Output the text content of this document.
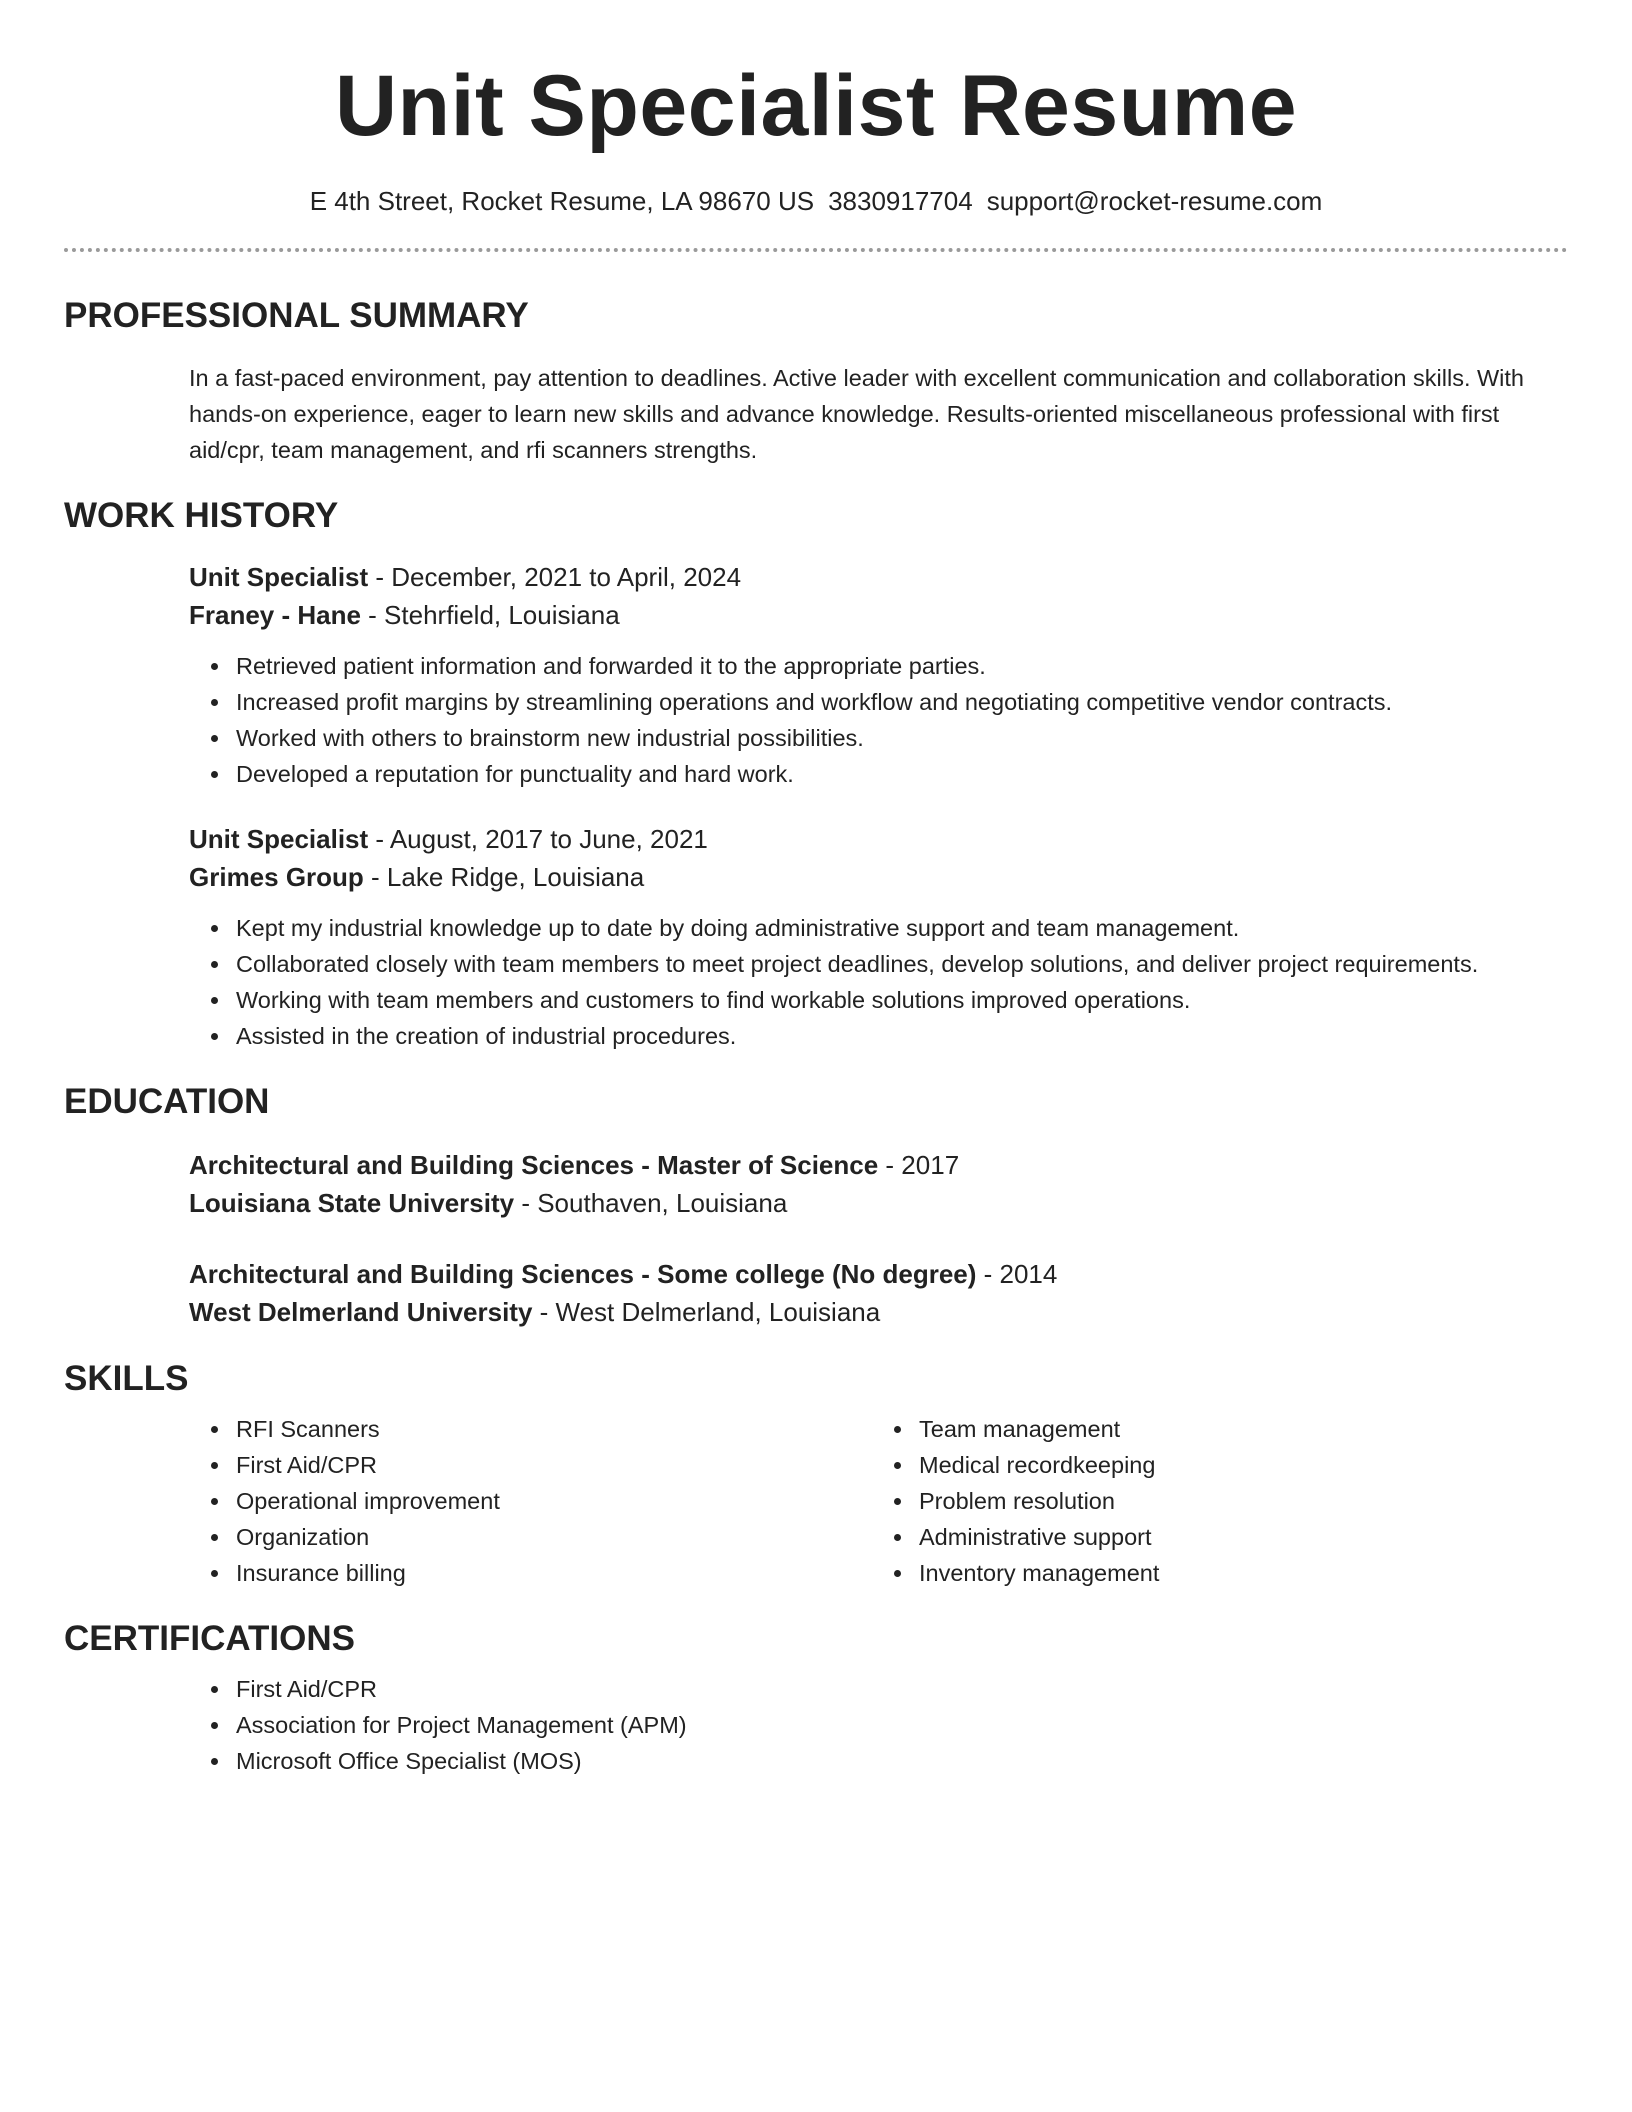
Unit Specialist Resume
E 4th Street, Rocket Resume, LA 98670 US 3830917704 support@rocket-resume.com
PROFESSIONAL SUMMARY

In a fast-paced environment, pay attention to deadlines. Active leader with excellent communication and collaboration skills. With hands-on experience, eager to learn new skills and advance knowledge. Results-oriented miscellaneous professional with first aid/cpr, team management, and rfi scanners strengths.

WORK HISTORY

Unit Specialist - December, 2021 to April, 2024

Franey - Hane - Stehrfield, Louisiana

• Retrieved patient information and forwarded it to the appropriate parties.
• Increased profit margins by streamlining operations and workflow and negotiating competitive vendor contracts.
• Worked with others to brainstorm new industrial possibilities.
• Developed a reputation for punctuality and hard work.

Unit Specialist - August, 2017 to June, 2021

Grimes Group - Lake Ridge, Louisiana

• Kept my industrial knowledge up to date by doing administrative support and team management.
• Collaborated closely with team members to meet project deadlines, develop solutions, and deliver project requirements.
• Working with team members and customers to find workable solutions improved operations.
• Assisted in the creation of industrial procedures.
EDUCATION

Architectural and Building Sciences - Master of Science - 2017

Louisiana State University - Southaven, Louisiana

Architectural and Building Sciences - Some college (No degree) - 2014

West Delmerland University - West Delmerland, Louisiana

SKILLS
• RFI Scanners
• First Aid/CPR
• Operational improvement
• Organization
• Insurance billing
• Team management
• Medical recordkeeping
• Problem resolution
• Administrative support
• Inventory management
CERTIFICATIONS
• First Aid/CPR
• Association for Project Management (APM)
• Microsoft Office Specialist (MOS)
